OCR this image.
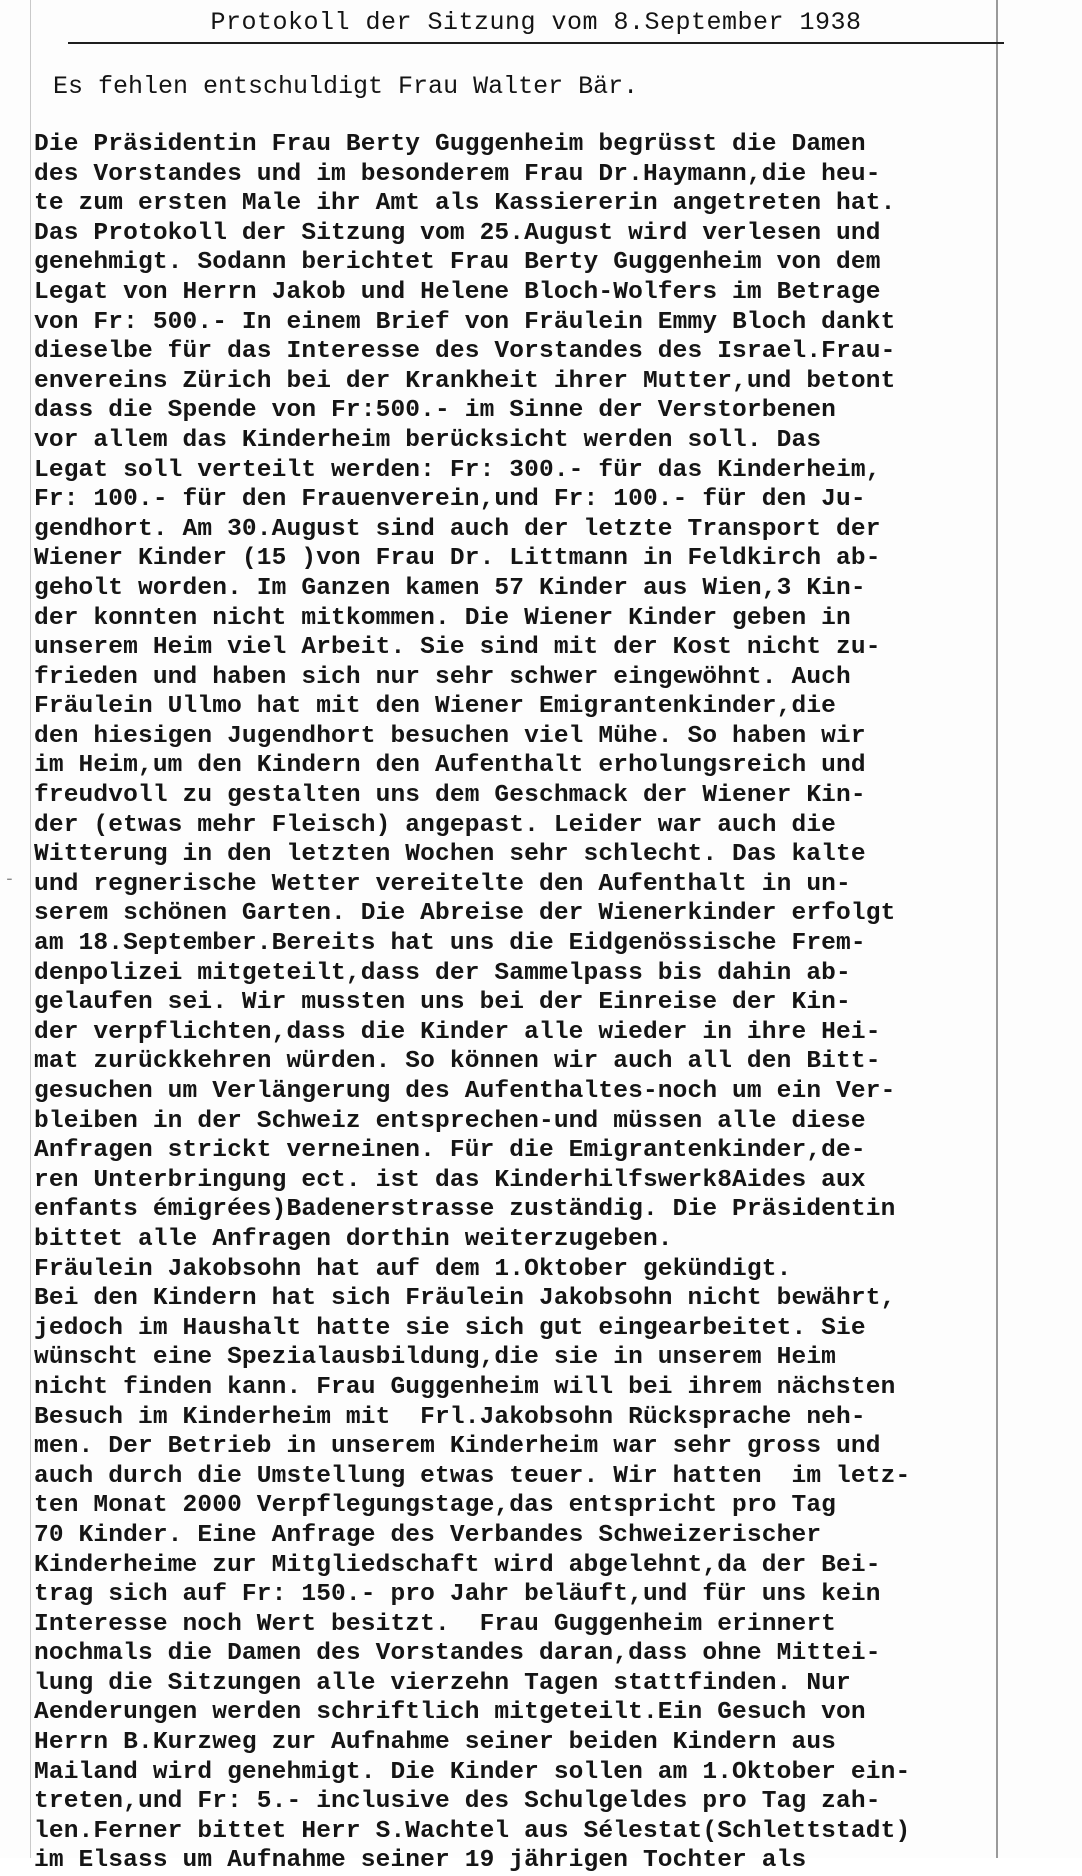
-
Protokoll der Sitzung vom 8.September 1938
Es fehlen entschuldigt Frau Walter Bär.
Die Präsidentin Frau Berty Guggenheim begrüsst die Damen
des Vorstandes und im besonderem Frau Dr.Haymann,die heu-
te zum ersten Male ihr Amt als Kassiererin angetreten hat.
Das Protokoll der Sitzung vom 25.August wird verlesen und
genehmigt. Sodann berichtet Frau Berty Guggenheim von dem
Legat von Herrn Jakob und Helene Bloch-Wolfers im Betrage
von Fr: 500.- In einem Brief von Fräulein Emmy Bloch dankt
dieselbe für das Interesse des Vorstandes des Israel.Frau-
envereins Zürich bei der Krankheit ihrer Mutter,und betont
dass die Spende von Fr:500.- im Sinne der Verstorbenen
vor allem das Kinderheim berücksicht werden soll. Das
Legat soll verteilt werden: Fr: 300.- für das Kinderheim,
Fr: 100.- für den Frauenverein,und Fr: 100.- für den Ju-
gendhort. Am 30.August sind auch der letzte Transport der
Wiener Kinder (15 )von Frau Dr. Littmann in Feldkirch ab-
geholt worden. Im Ganzen kamen 57 Kinder aus Wien,3 Kin-
der konnten nicht mitkommen. Die Wiener Kinder geben in
unserem Heim viel Arbeit. Sie sind mit der Kost nicht zu-
frieden und haben sich nur sehr schwer eingewöhnt. Auch
Fräulein Ullmo hat mit den Wiener Emigrantenkinder,die
den hiesigen Jugendhort besuchen viel Mühe. So haben wir
im Heim,um den Kindern den Aufenthalt erholungsreich und
freudvoll zu gestalten uns dem Geschmack der Wiener Kin-
der (etwas mehr Fleisch) angepast. Leider war auch die
Witterung in den letzten Wochen sehr schlecht. Das kalte
und regnerische Wetter vereitelte den Aufenthalt in un-
serem schönen Garten. Die Abreise der Wienerkinder erfolgt
am 18.September.Bereits hat uns die Eidgenössische Frem-
denpolizei mitgeteilt,dass der Sammelpass bis dahin ab-
gelaufen sei. Wir mussten uns bei der Einreise der Kin-
der verpflichten,dass die Kinder alle wieder in ihre Hei-
mat zurückkehren würden. So können wir auch all den Bitt-
gesuchen um Verlängerung des Aufenthaltes-noch um ein Ver-
bleiben in der Schweiz entsprechen-und müssen alle diese
Anfragen strickt verneinen. Für die Emigrantenkinder,de-
ren Unterbringung ect. ist das Kinderhilfswerk8Aides aux
enfants émigrées)Badenerstrasse zuständig. Die Präsidentin
bittet alle Anfragen dorthin weiterzugeben.
Fräulein Jakobsohn hat auf dem 1.Oktober gekündigt.
Bei den Kindern hat sich Fräulein Jakobsohn nicht bewährt,
jedoch im Haushalt hatte sie sich gut eingearbeitet. Sie
wünscht eine Spezialausbildung,die sie in unserem Heim
nicht finden kann. Frau Guggenheim will bei ihrem nächsten
Besuch im Kinderheim mit  Frl.Jakobsohn Rücksprache neh-
men. Der Betrieb in unserem Kinderheim war sehr gross und
auch durch die Umstellung etwas teuer. Wir hatten  im letz-
ten Monat 2000 Verpflegungstage,das entspricht pro Tag
70 Kinder. Eine Anfrage des Verbandes Schweizerischer
Kinderheime zur Mitgliedschaft wird abgelehnt,da der Bei-
trag sich auf Fr: 150.- pro Jahr beläuft,und für uns kein
Interesse noch Wert besitzt.  Frau Guggenheim erinnert
nochmals die Damen des Vorstandes daran,dass ohne Mittei-
lung die Sitzungen alle vierzehn Tagen stattfinden. Nur
Aenderungen werden schriftlich mitgeteilt.Ein Gesuch von
Herrn B.Kurzweg zur Aufnahme seiner beiden Kindern aus
Mailand wird genehmigt. Die Kinder sollen am 1.Oktober ein-
treten,und Fr: 5.- inclusive des Schulgeldes pro Tag zah-
len.Ferner bittet Herr S.Wachtel aus Sélestat(Schlettstadt)
im Elsass um Aufnahme seiner 19 jährigen Tochter als
